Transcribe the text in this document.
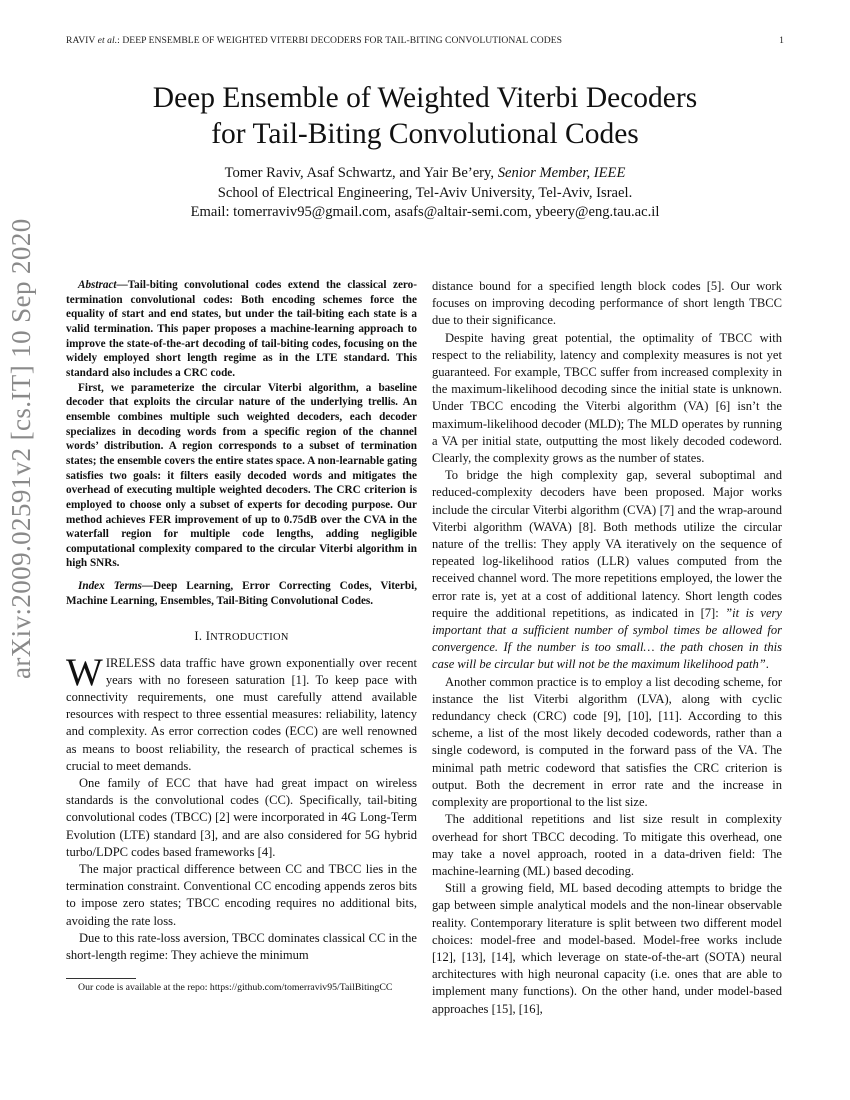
RAVIV et al.: DEEP ENSEMBLE OF WEIGHTED VITERBI DECODERS FOR TAIL-BITING CONVOLUTIONAL CODES	1
Deep Ensemble of Weighted Viterbi Decoders
for Tail-Biting Convolutional Codes
Tomer Raviv, Asaf Schwartz, and Yair Be’ery, Senior Member, IEEE
School of Electrical Engineering, Tel-Aviv University, Tel-Aviv, Israel.
Email: tomerraviv95@gmail.com, asafs@altair-semi.com, ybeery@eng.tau.ac.il
arXiv:2009.02591v2 [cs.IT] 10 Sep 2020	Abstract—Tail-biting convolutional codes extend the classical zero-termination convolutional codes: Both encoding schemes force the equality of start and end states, but under the tail-biting each state is a valid termination. This paper proposes a machine-learning approach to improve the state-of-the-art decoding of tail-biting codes, focusing on the widely employed short length regime as in the LTE standard. This standard also includes a CRC code.

First, we parameterize the circular Viterbi algorithm, a baseline decoder that exploits the circular nature of the underlying trellis. An ensemble combines multiple such weighted decoders, each decoder specializes in decoding words from a specific region of the channel words’ distribution. A region corresponds to a subset of termination states; the ensemble covers the entire states space. A non-learnable gating satisfies two goals: it filters easily decoded words and mitigates the overhead of executing multiple weighted decoders. The CRC criterion is employed to choose only a subset of experts for decoding purpose. Our method achieves FER improvement of up to 0.75dB over the CVA in the waterfall region for multiple code lengths, adding negligible computational complexity compared to the circular Viterbi algorithm in high SNRs.

Index Terms—Deep Learning, Error Correcting Codes, Viterbi, Machine Learning, Ensembles, Tail-Biting Convolutional Codes.

I. INTRODUCTION

WIRELESS data traffic have grown exponentially over recent years with no foreseen saturation [1]. To keep pace with connectivity requirements, one must carefully attend available resources with respect to three essential measures: reliability, latency and complexity. As error correction codes (ECC) are well renowned as means to boost reliability, the research of practical schemes is crucial to meet demands.

One family of ECC that have had great impact on wireless standards is the convolutional codes (CC). Specifically, tail-biting convolutional codes (TBCC) [2] were incorporated in 4G Long-Term Evolution (LTE) standard [3], and are also considered for 5G hybrid turbo/LDPC codes based frameworks [4].

The major practical difference between CC and TBCC lies in the termination constraint. Conventional CC encoding appends zeros bits to impose zero states; TBCC encoding requires no additional bits, avoiding the rate loss.

Due to this rate-loss aversion, TBCC dominates classical CC in the short-length regime: They achieve the minimum

Our code is available at the repo: https://github.com/tomerraviv95/TailBitingCC

distance bound for a specified length block codes [5]. Our work focuses on improving decoding performance of short length TBCC due to their significance.

Despite having great potential, the optimality of TBCC with respect to the reliability, latency and complexity measures is not yet guaranteed. For example, TBCC suffer from increased complexity in the maximum-likelihood decoding since the initial state is unknown. Under TBCC encoding the Viterbi algorithm (VA) [6] isn’t the maximum-likelihood decoder (MLD); The MLD operates by running a VA per initial state, outputting the most likely decoded codeword. Clearly, the complexity grows as the number of states.

To bridge the high complexity gap, several suboptimal and reduced-complexity decoders have been proposed. Major works include the circular Viterbi algorithm (CVA) [7] and the wrap-around Viterbi algorithm (WAVA) [8]. Both methods utilize the circular nature of the trellis: They apply VA iteratively on the sequence of repeated log-likelihood ratios (LLR) values computed from the received channel word. The more repetitions employed, the lower the error rate is, yet at a cost of additional latency. Short length codes require the additional repetitions, as indicated in [7]: ”it is very important that a sufficient number of symbol times be allowed for convergence. If the number is too small… the path chosen in this case will be circular but will not be the maximum likelihood path”.

Another common practice is to employ a list decoding scheme, for instance the list Viterbi algorithm (LVA), along with cyclic redundancy check (CRC) code [9], [10], [11]. According to this scheme, a list of the most likely decoded codewords, rather than a single codeword, is computed in the forward pass of the VA. The minimal path metric codeword that satisfies the CRC criterion is output. Both the decrement in error rate and the increase in complexity are proportional to the list size.

The additional repetitions and list size result in complexity overhead for short TBCC decoding. To mitigate this overhead, one may take a novel approach, rooted in a data-driven field: The machine-learning (ML) based decoding.

Still a growing field, ML based decoding attempts to bridge the gap between simple analytical models and the non-linear observable reality. Contemporary literature is split between two different model choices: model-free and model-based. Model-free works include [12], [13], [14], which leverage on state-of-the-art (SOTA) neural architectures with high neuronal capacity (i.e. ones that are able to implement many functions). On the other hand, under model-based approaches [15], [16],
